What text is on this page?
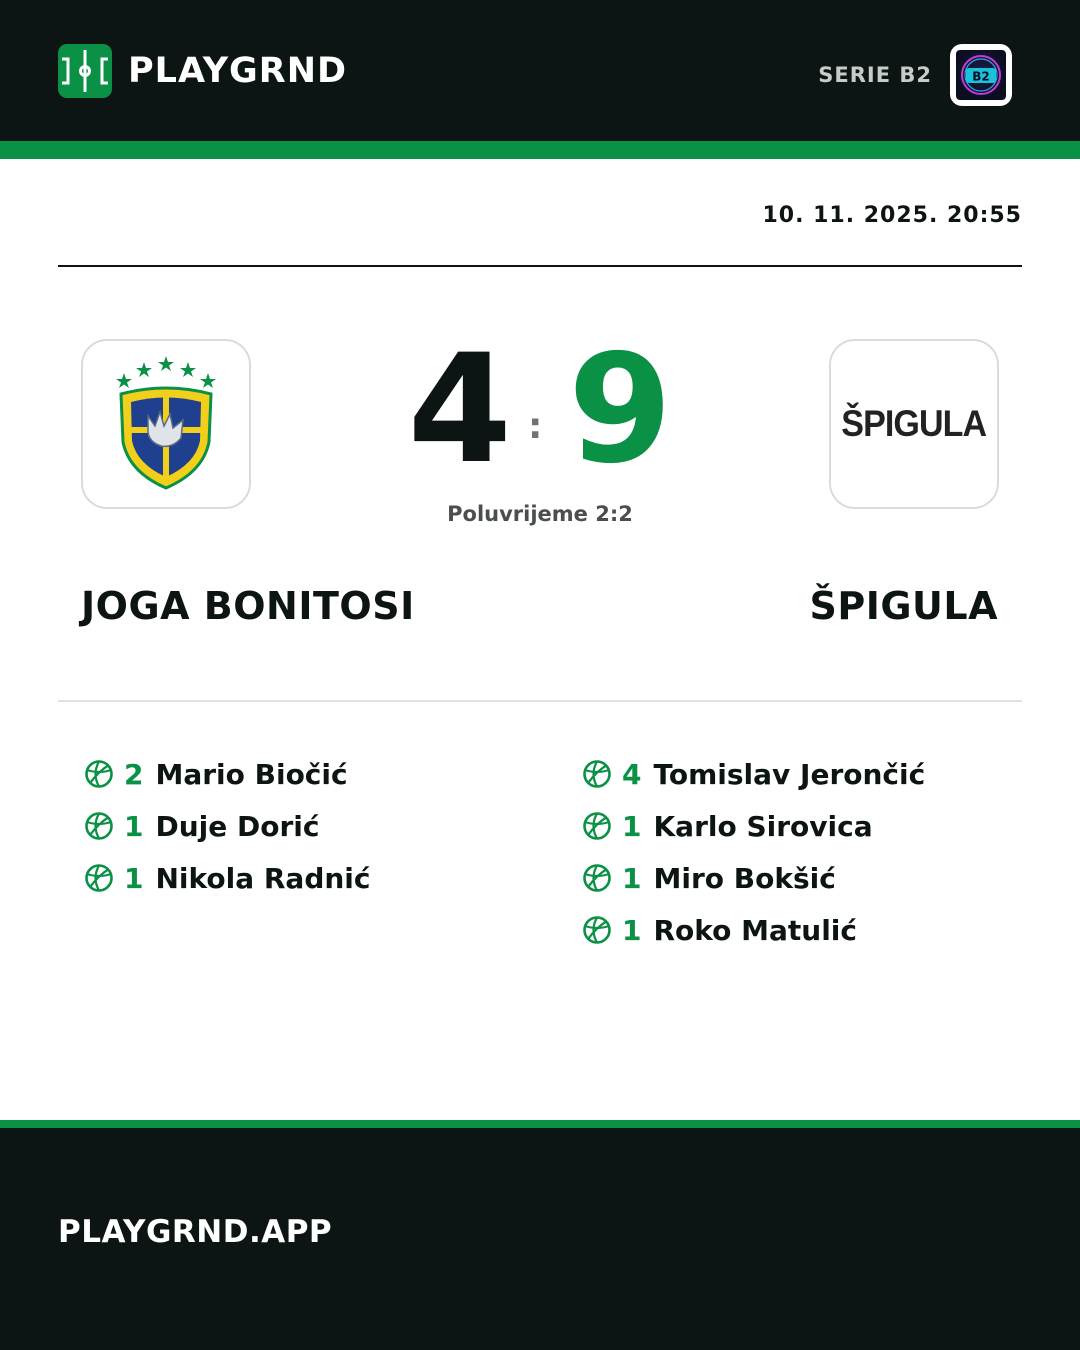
PLAYGRND	SERIE B2	B2
10. 11. 2025. 20:55
ŠPIGULA
4 : 9
Poluvrijeme 2:2
JOGA BONITOSI	ŠPIGULA
2 Mario Biočić
1 Duje Dorić
1 Nikola Radnić
4 Tomislav Jerončić
1 Karlo Sirovica
1 Miro Bokšić
1 Roko Matulić
PLAYGRND.APP
